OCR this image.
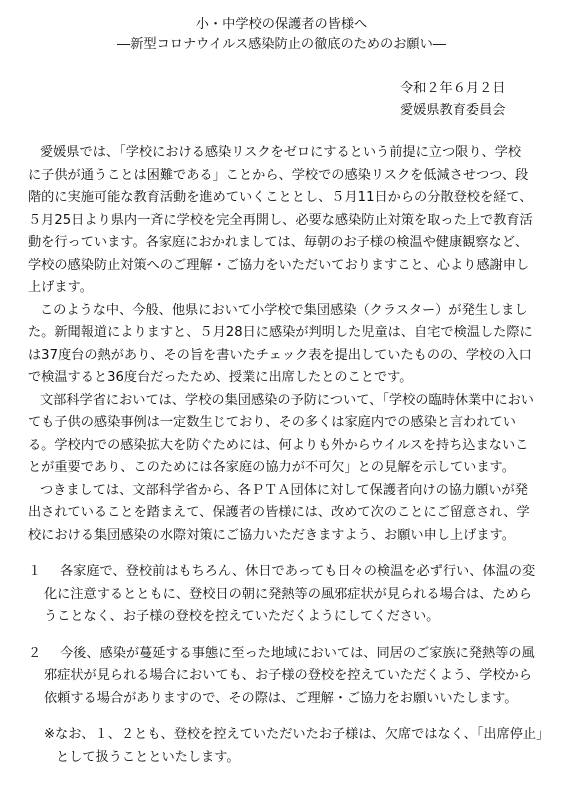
小・中学校の保護者の皆様へ
―新型コロナウイルス感染防止の徹底のためのお願い―
令和２年６月２日
愛媛県教育委員会
愛媛県では、「学校における感染リスクをゼロにするという前提に立つ限り、学校
に子供が通うことは困難である」ことから、学校での感染リスクを低減させつつ、段
階的に実施可能な教育活動を進めていくこととし、５月11日からの分散登校を経て、
５月25日より県内一斉に学校を完全再開し、必要な感染防止対策を取った上で教育活
動を行っています。各家庭におかれましては、毎朝のお子様の検温や健康観察など、
学校の感染防止対策へのご理解・ご協力をいただいておりますこと、心より感謝申し
上げます。
このような中、今般、他県において小学校で集団感染（クラスター）が発生しまし
た。新聞報道によりますと、５月28日に感染が判明した児童は、自宅で検温した際に
は37度台の熱があり、その旨を書いたチェック表を提出していたものの、学校の入口
で検温すると36度台だったため、授業に出席したとのことです。
文部科学省においては、学校の集団感染の予防について、「学校の臨時休業中におい
ても子供の感染事例は一定数生じており、その多くは家庭内での感染と言われてい
る。学校内での感染拡大を防ぐためには、何よりも外からウイルスを持ち込まないこ
とが重要であり、このためには各家庭の協力が不可欠」との見解を示しています。
つきましては、文部科学省から、各ＰＴＡ団体に対して保護者向けの協力願いが発
出されていることを踏まえて、保護者の皆様には、改めて次のことにご留意され、学
校における集団感染の水際対策にご協力いただきますよう、お願い申し上げます。
１ 各家庭で、登校前はもちろん、休日であっても日々の検温を必ず行い、体温の変
化に注意するとともに、登校日の朝に発熱等の風邪症状が見られる場合は、ためら
うことなく、お子様の登校を控えていただくようにしてください。
２ 今後、感染が蔓延する事態に至った地域においては、同居のご家族に発熱等の風
邪症状が見られる場合においても、お子様の登校を控えていただくよう、学校から
依頼する場合がありますので、その際は、ご理解・ご協力をお願いいたします。
※なお、１、２とも、登校を控えていただいたお子様は、欠席ではなく、「出席停止」
として扱うことといたします。
